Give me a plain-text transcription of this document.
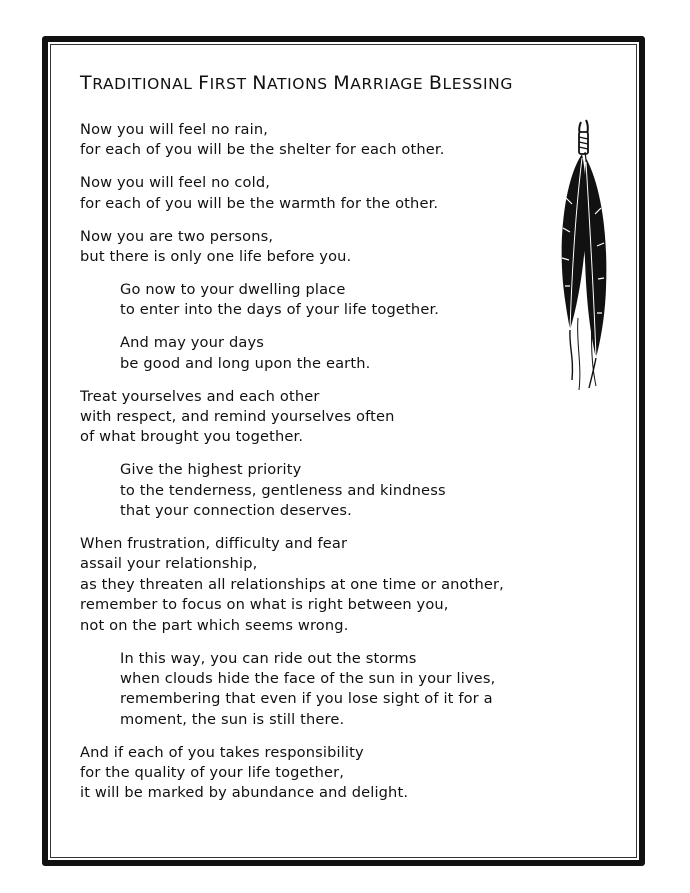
TRADITIONAL FIRST NATIONS MARRIAGE BLESSING
Now you will feel no rain,
for each of you will be the shelter for each other.
Now you will feel no cold,
for each of you will be the warmth for the other.
Now you are two persons,
but there is only one life before you.
Go now to your dwelling place
to enter into the days of your life together.
And may your days
be good and long upon the earth.
Treat yourselves and each other
with respect, and remind yourselves often
of what brought you together.
Give the highest priority
to the tenderness, gentleness and kindness
that your connection deserves.
When frustration, difficulty and fear
assail your relationship,
as they threaten all relationships at one time or another,
remember to focus on what is right between you,
not on the part which seems wrong.
In this way, you can ride out the storms
when clouds hide the face of the sun in your lives,
remembering that even if you lose sight of it for a
moment, the sun is still there.
And if each of you takes responsibility
for the quality of your life together,
it will be marked by abundance and delight.
